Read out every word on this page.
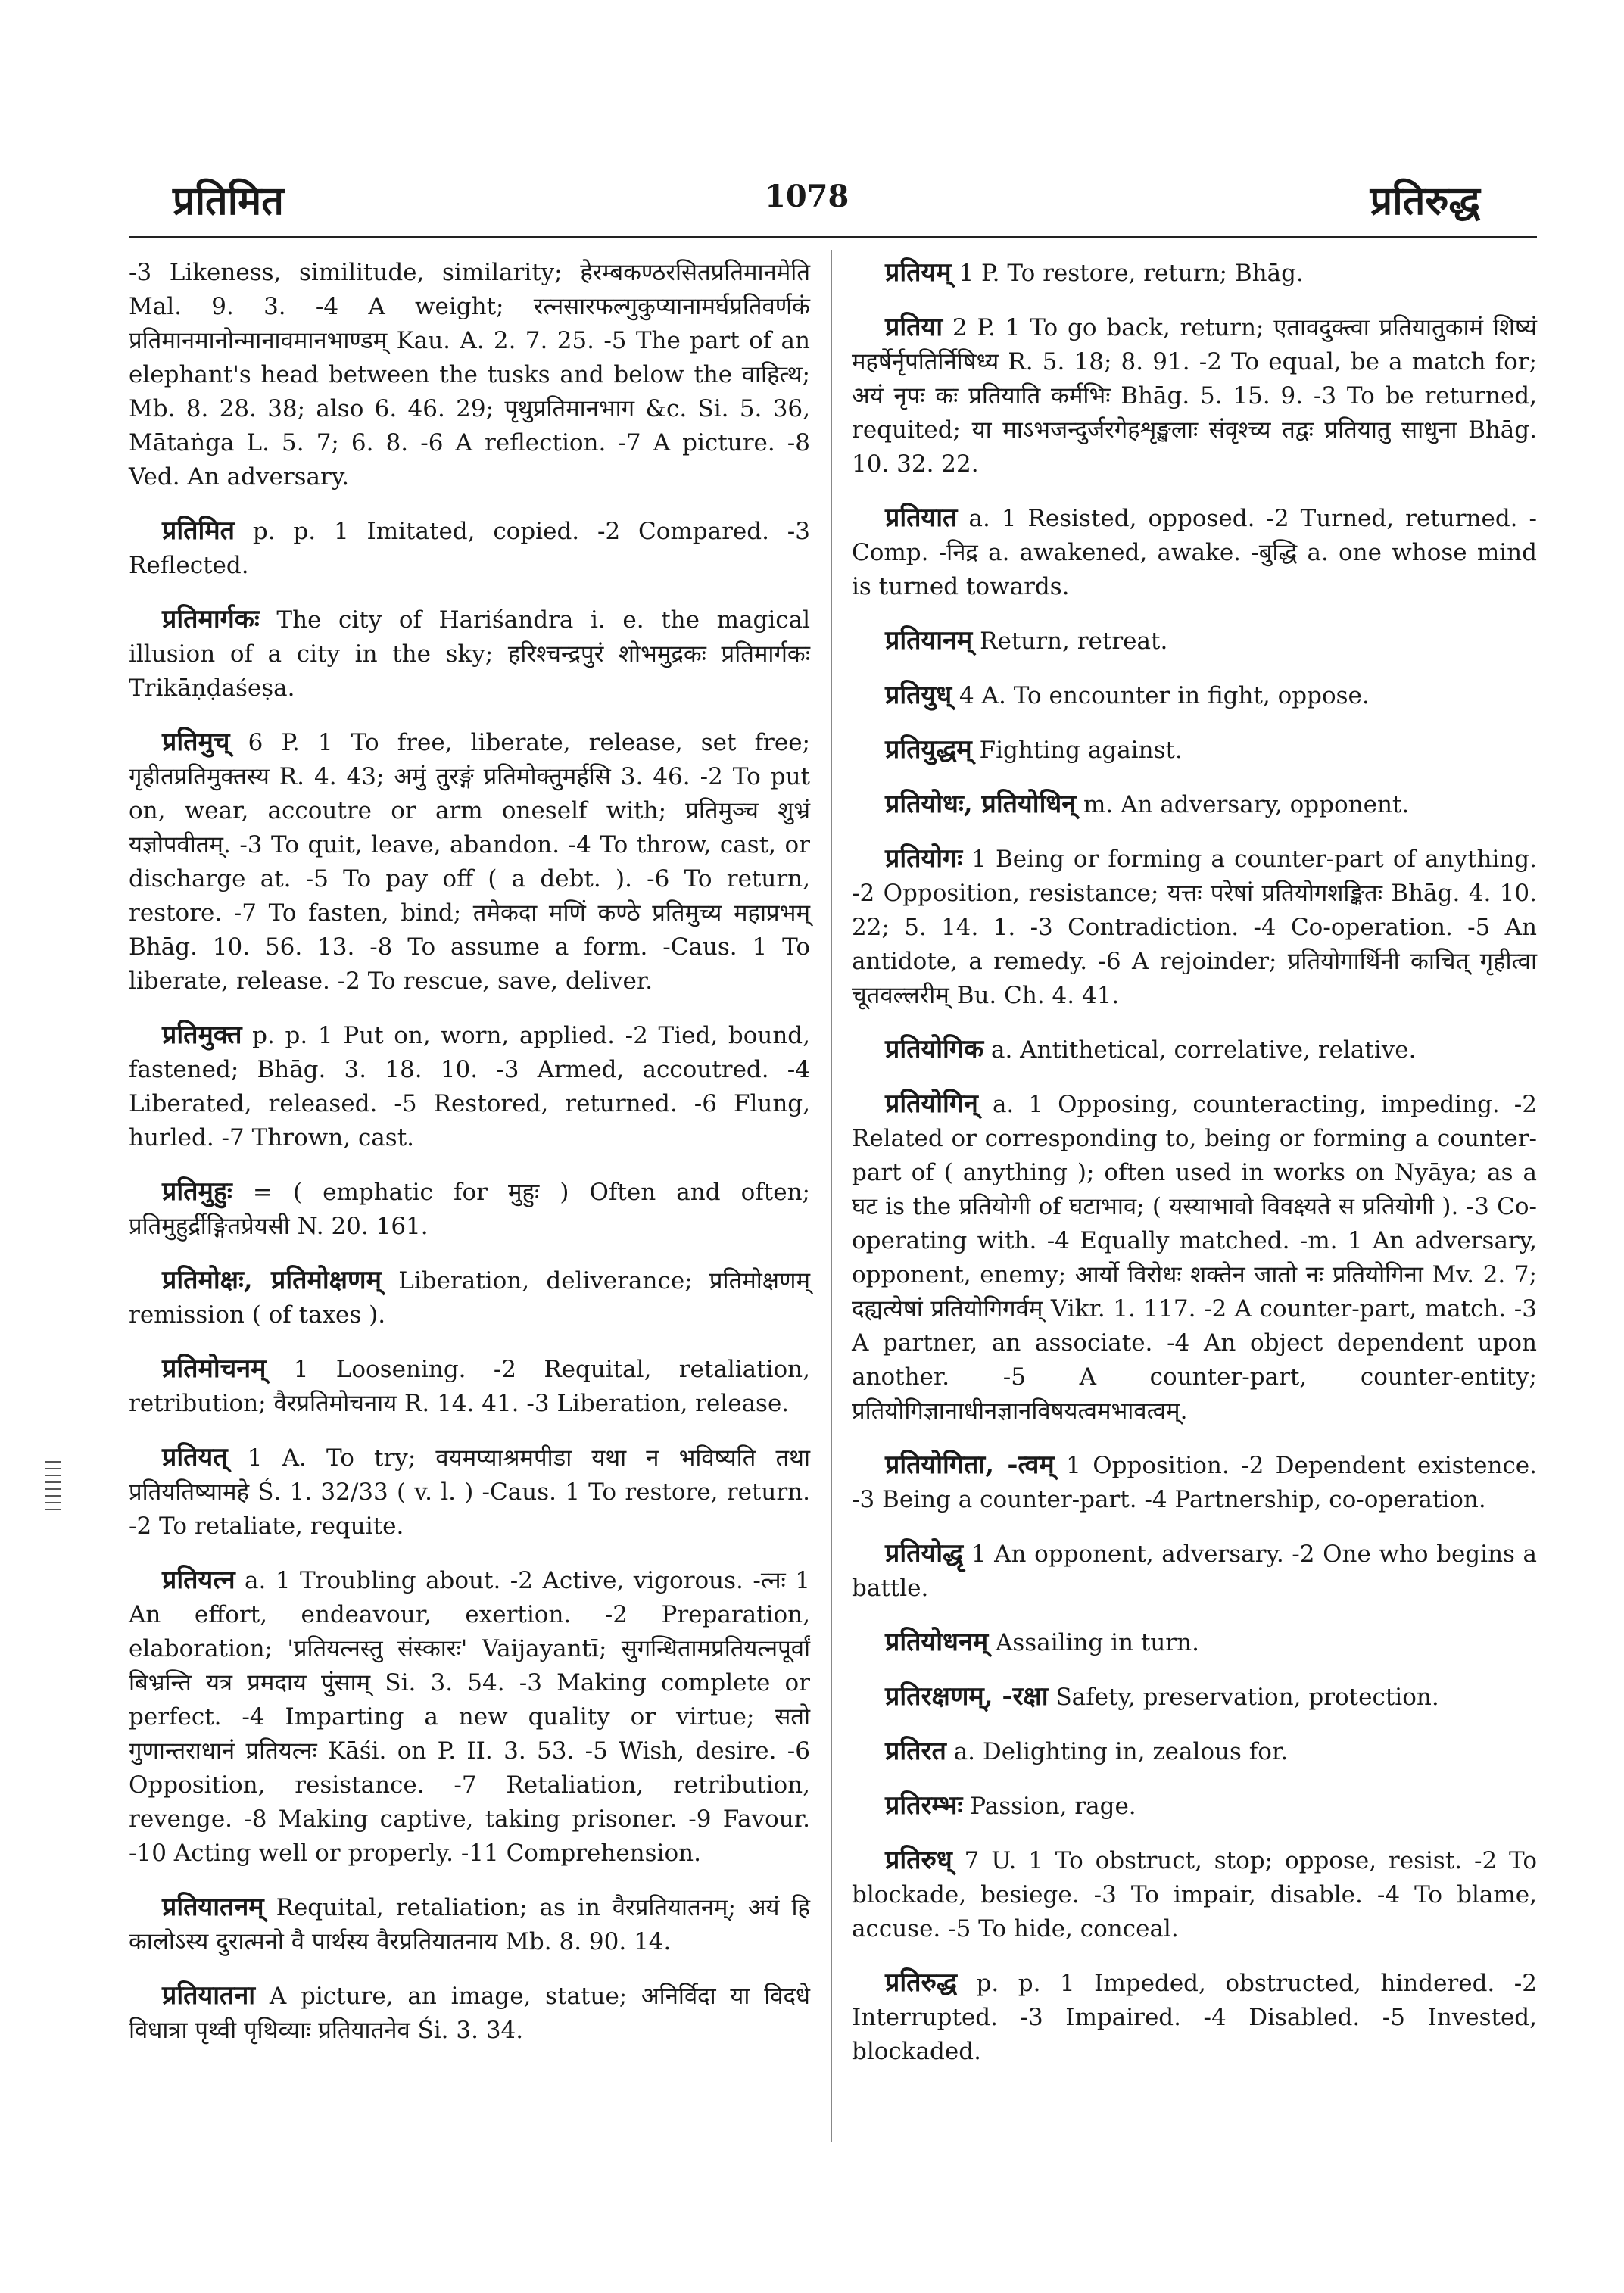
प्रतिमित	1078	प्रतिरुद्ध

-3 Likeness, similitude, similarity; हेरम्बकण्ठरसितप्रतिमानमेति Mal. 9. 3. -4 A weight; रत्नसारफल्गुकुप्यानामर्घप्रतिवर्णकं प्रतिमानमानोन्मानावमानभाण्डम् Kau. A. 2. 7. 25. -5 The part of an elephant's head between the tusks and below the वाहित्थ; Mb. 8. 28. 38; also 6. 46. 29; पृथुप्रतिमानभाग &c. Si. 5. 36, Mātaṅga L. 5. 7; 6. 8. -6 A reflection. -7 A picture. -8 Ved. An adversary.

प्रतिमित p. p. 1 Imitated, copied. -2 Compared. -3 Reflected.

प्रतिमार्गकः The city of Hariśandra i. e. the magical illusion of a city in the sky; हरिश्चन्द्रपुरं शोभमुद्रकः प्रतिमार्गकः Trikāṇḍaśeṣa.

प्रतिमुच् 6 P. 1 To free, liberate, release, set free; गृहीतप्रतिमुक्तस्य R. 4. 43; अमुं तुरङ्गं प्रतिमोक्तुमर्हसि 3. 46. -2 To put on, wear, accoutre or arm oneself with; प्रतिमुञ्च शुभ्रं यज्ञोपवीतम्. -3 To quit, leave, abandon. -4 To throw, cast, or discharge at. -5 To pay off ( a debt. ). -6 To return, restore. -7 To fasten, bind; तमेकदा मणिं कण्ठे प्रतिमुच्य महाप्रभम् Bhāg. 10. 56. 13. -8 To assume a form. -Caus. 1 To liberate, release. -2 To rescue, save, deliver.

प्रतिमुक्त p. p. 1 Put on, worn, applied. -2 Tied, bound, fastened; Bhāg. 3. 18. 10. -3 Armed, accoutred. -4 Liberated, released. -5 Restored, returned. -6 Flung, hurled. -7 Thrown, cast.

प्रतिमुहुः = ( emphatic for मुहुः ) Often and often; प्रतिमुहुर्द्रीङ्गितप्रेयसी N. 20. 161.

प्रतिमोक्षः, प्रतिमोक्षणम् Liberation, deliverance; प्रतिमोक्षणम् remission ( of taxes ).

प्रतिमोचनम् 1 Loosening. -2 Requital, retaliation, retribution; वैरप्रतिमोचनाय R. 14. 41. -3 Liberation, release.

प्रतियत् 1 A. To try; वयमप्याश्रमपीडा यथा न भविष्यति तथा प्रतियतिष्यामहे Ś. 1. 32/33 ( v. l. ) -Caus. 1 To restore, return. -2 To retaliate, requite.

प्रतियत्न a. 1 Troubling about. -2 Active, vigorous. -त्नः 1 An effort, endeavour, exertion. -2 Preparation, elaboration; 'प्रतियत्नस्तु संस्कारः' Vaijayantī; सुगन्धितामप्रतियत्नपूर्वां बिभ्रन्ति यत्र प्रमदाय पुंसाम् Si. 3. 54. -3 Making complete or perfect. -4 Imparting a new quality or virtue; सतो गुणान्तराधानं प्रतियत्नः Kāśi. on P. II. 3. 53. -5 Wish, desire. -6 Opposition, resistance. -7 Retaliation, retribution, revenge. -8 Making captive, taking prisoner. -9 Favour. -10 Acting well or properly. -11 Comprehension.

प्रतियातनम् Requital, retaliation; as in वैरप्रतियातनम्; अयं हि कालोऽस्य दुरात्मनो वै पार्थस्य वैरप्रतियातनाय Mb. 8. 90. 14.

प्रतियातना A picture, an image, statue; अनिर्विदा या विदधे विधात्रा पृथ्वी पृथिव्याः प्रतियातनेव Śi. 3. 34.

प्रतियम् 1 P. To restore, return; Bhāg.

प्रतिया 2 P. 1 To go back, return; एतावदुक्त्वा प्रतियातुकामं शिष्यं महर्षेर्नृपतिर्निषिध्य R. 5. 18; 8. 91. -2 To equal, be a match for; अयं नृपः कः प्रतियाति कर्मभिः Bhāg. 5. 15. 9. -3 To be returned, requited; या माऽभजन्दुर्जरगेहशृङ्खलाः संवृश्च्य तद्वः प्रतियातु साधुना Bhāg. 10. 32. 22.

प्रतियात a. 1 Resisted, opposed. -2 Turned, returned. -Comp. -निद्र a. awakened, awake. -बुद्धि a. one whose mind is turned towards.

प्रतियानम् Return, retreat.

प्रतियुध् 4 A. To encounter in fight, oppose.

प्रतियुद्धम् Fighting against.

प्रतियोधः, प्रतियोधिन् m. An adversary, opponent.

प्रतियोगः 1 Being or forming a counter-part of anything. -2 Opposition, resistance; यत्तः परेषां प्रतियोगशङ्कितः Bhāg. 4. 10. 22; 5. 14. 1. -3 Contradiction. -4 Co-operation. -5 An antidote, a remedy. -6 A rejoinder; प्रतियोगार्थिनी काचित् गृहीत्वा चूतवल्लरीम् Bu. Ch. 4. 41.

प्रतियोगिक a. Antithetical, correlative, relative.

प्रतियोगिन् a. 1 Opposing, counteracting, impeding. -2 Related or corresponding to, being or forming a counter-part of ( anything ); often used in works on Nyāya; as a घट is the प्रतियोगी of घटाभाव; ( यस्याभावो विवक्ष्यते स प्रतियोगी ). -3 Co-operating with. -4 Equally matched. -m. 1 An adversary, opponent, enemy; आर्यो विरोधः शक्तेन जातो नः प्रतियोगिना Mv. 2. 7; दह्यत्येषां प्रतियोगिगर्वम् Vikr. 1. 117. -2 A counter-part, match. -3 A partner, an associate. -4 An object dependent upon another. -5 A counter-part, counter-entity; प्रतियोगिज्ञानाधीनज्ञानविषयत्वमभावत्वम्.

प्रतियोगिता, -त्वम् 1 Opposition. -2 Dependent existence. -3 Being a counter-part. -4 Partnership, co-operation.

प्रतियोद्धृ 1 An opponent, adversary. -2 One who begins a battle.

प्रतियोधनम् Assailing in turn.

प्रतिरक्षणम्, -रक्षा Safety, preservation, protection.

प्रतिरत a. Delighting in, zealous for.

प्रतिरम्भः Passion, rage.

प्रतिरुध् 7 U. 1 To obstruct, stop; oppose, resist. -2 To blockade, besiege. -3 To impair, disable. -4 To blame, accuse. -5 To hide, conceal.

प्रतिरुद्ध p. p. 1 Impeded, obstructed, hindered. -2 Interrupted. -3 Impaired. -4 Disabled. -5 Invested, blockaded.
